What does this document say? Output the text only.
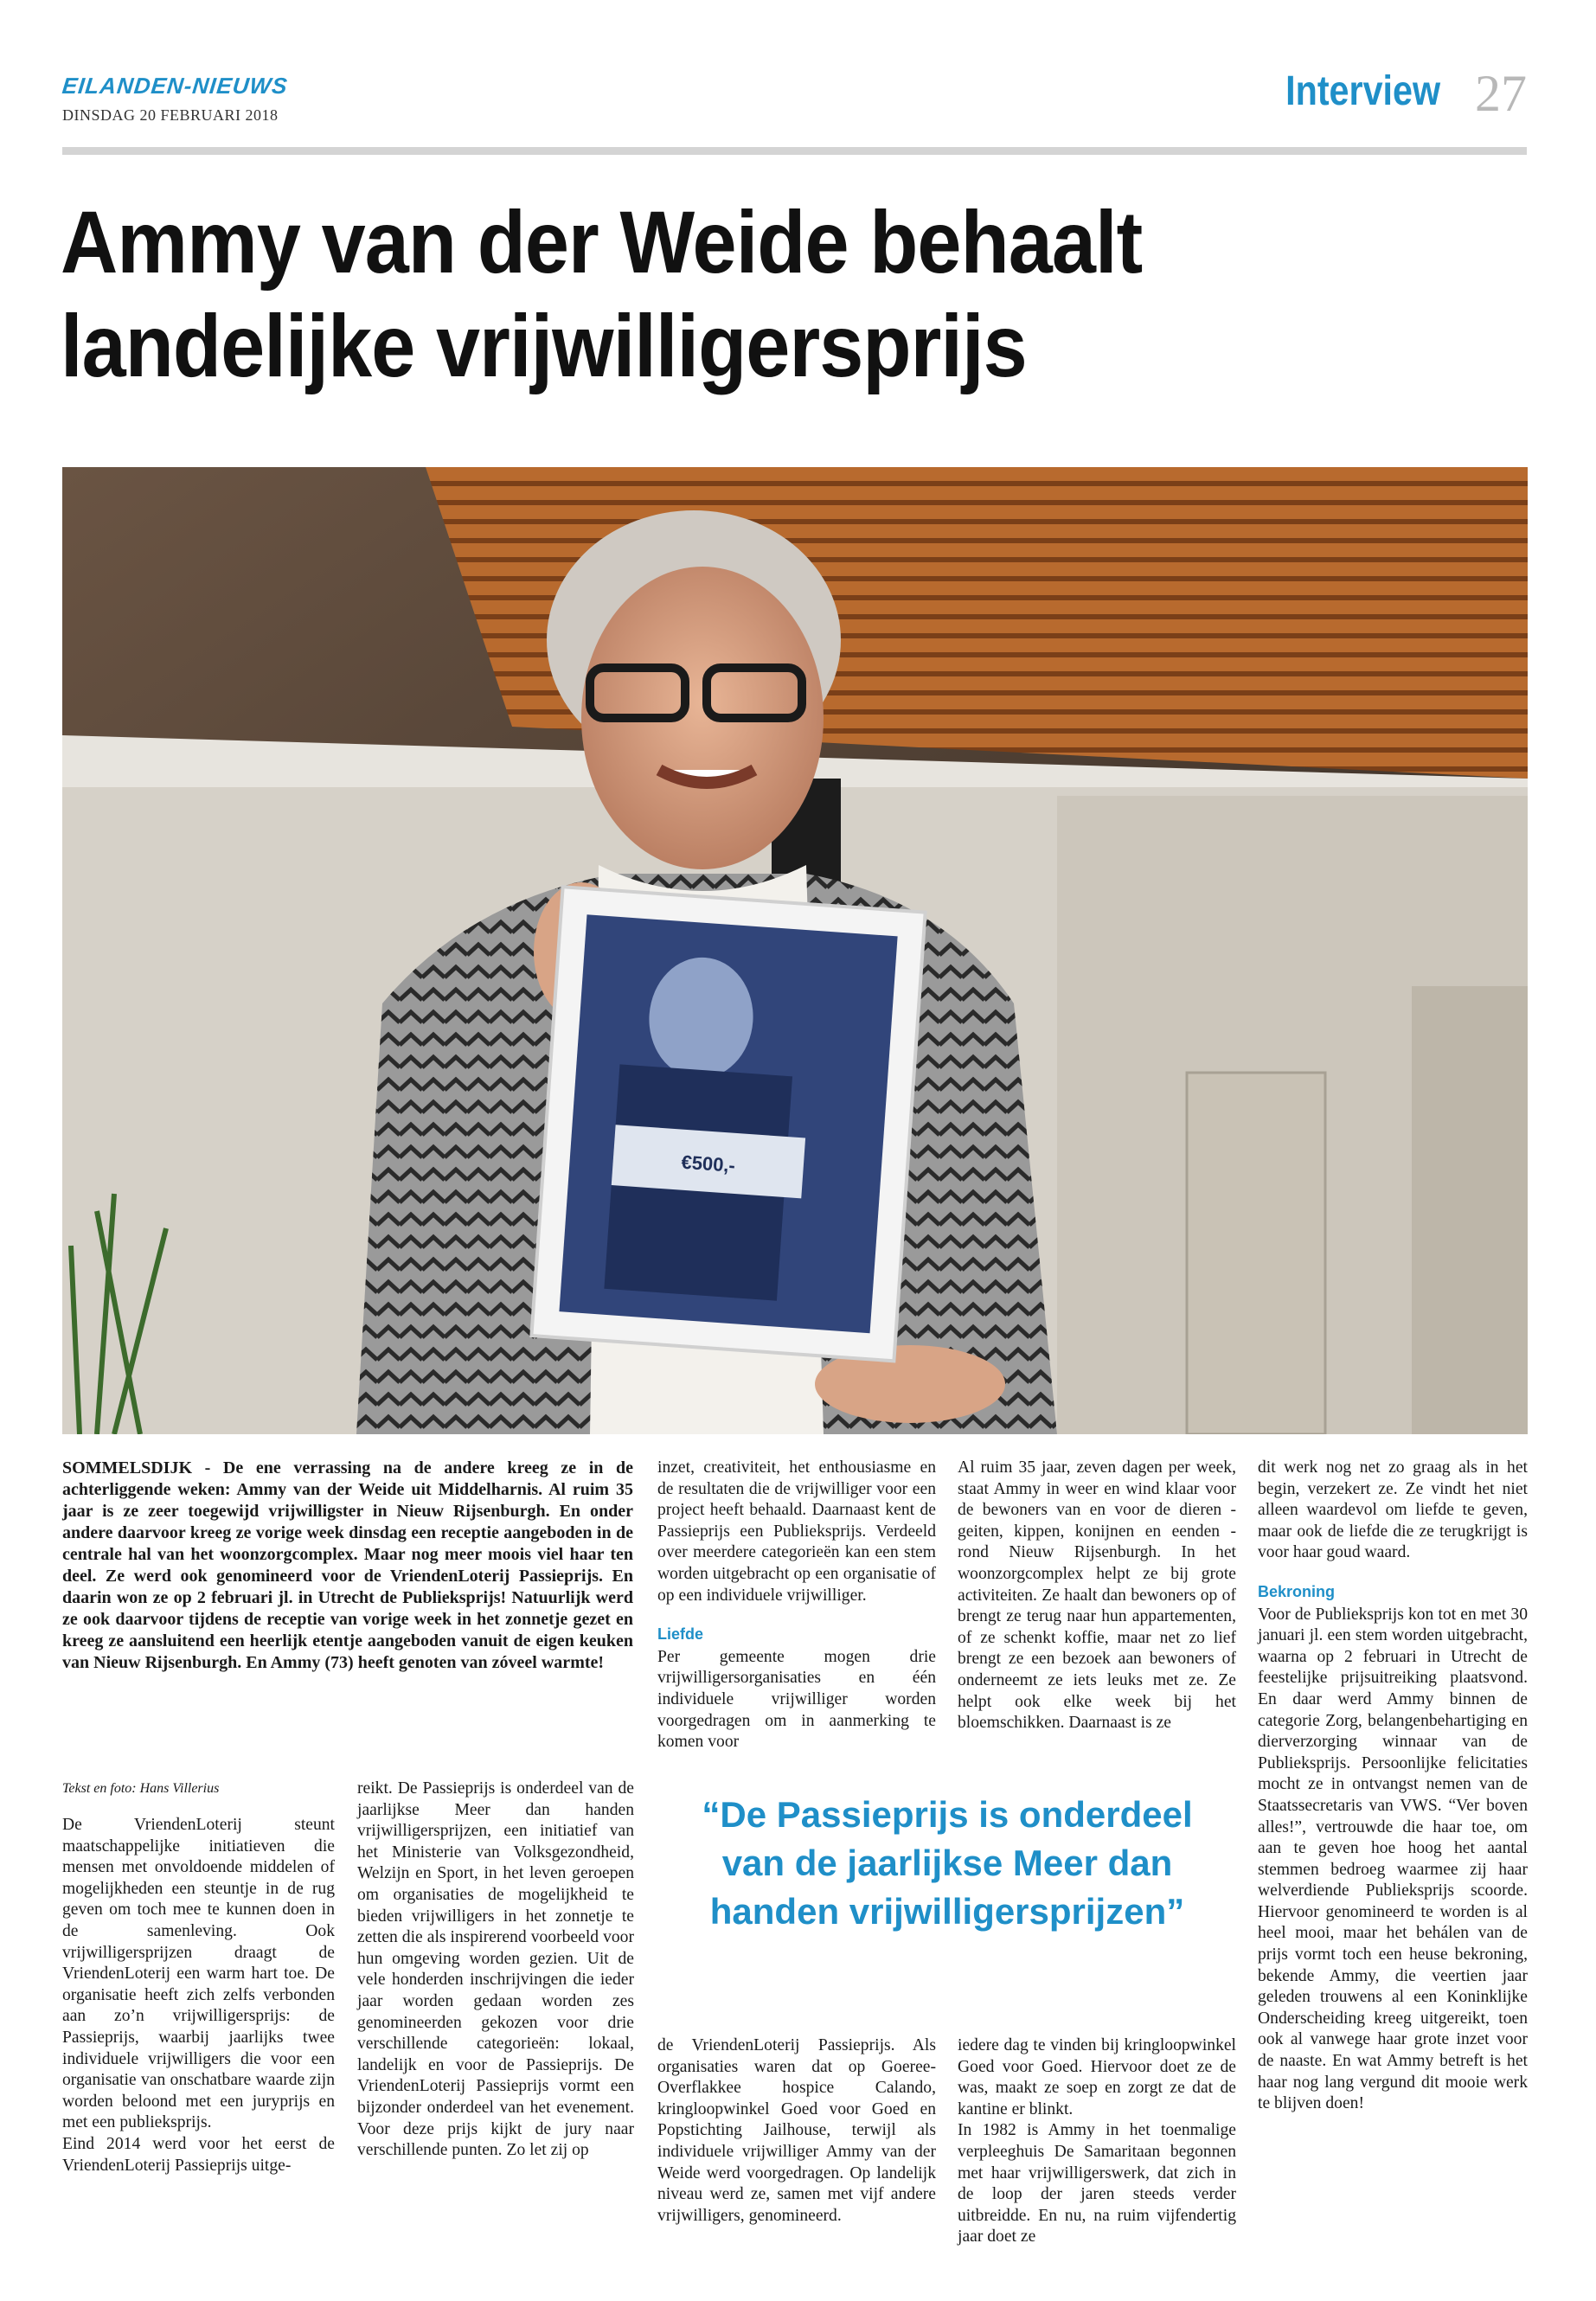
EILANDEN-NIEUWS
DINSDAG 20 FEBRUARI 2018
Interview 27
Ammy van der Weide behaalt
landelijke vrijwilligersprijs
€500,-

SOMMELSDIJK - De ene verrassing na de andere kreeg ze in de achterliggende weken: Ammy van der Weide uit Middelharnis. Al ruim 35 jaar is ze zeer toegewijd vrijwilligster in Nieuw Rijsenburgh. En onder andere daarvoor kreeg ze vorige week dinsdag een receptie aangeboden in de centrale hal van het woonzorgcomplex. Maar nog meer moois viel haar ten deel. Ze werd ook genomineerd voor de VriendenLoterij Passieprijs. En daarin won ze op 2 februari jl. in Utrecht de Publieksprijs! Natuurlijk werd ze ook daarvoor tijdens de receptie van vorige week in het zonnetje gezet en kreeg ze aansluitend een heerlijk etentje aangeboden vanuit de eigen keuken van Nieuw Rijsenburgh. En Ammy (73) heeft genoten van zóveel warmte!

Tekst en foto: Hans Villerius

De VriendenLoterij steunt maatschappelijke initiatieven die mensen met onvoldoende middelen of mogelijkheden een steuntje in de rug geven om toch mee te kunnen doen in de samenleving. Ook vrijwilligersprijzen draagt de VriendenLoterij een warm hart toe. De organisatie heeft zich zelfs verbonden aan zo’n vrijwilligersprijs: de Passieprijs, waarbij jaarlijks twee individuele vrijwilligers die voor een organisatie van onschatbare waarde zijn worden beloond met een juryprijs en met een publieksprijs.

Eind 2014 werd voor het eerst de VriendenLoterij Passieprijs uitge-

reikt. De Passieprijs is onderdeel van de jaarlijkse Meer dan handen vrijwilligersprijzen, een initiatief van het Ministerie van Volksgezondheid, Welzijn en Sport, in het leven geroepen om organisaties de mogelijkheid te bieden vrijwilligers in het zonnetje te zetten die als inspirerend voorbeeld voor hun omgeving worden gezien. Uit de vele honderden inschrijvingen die ieder jaar worden gedaan worden zes genomineerden gekozen voor drie verschillende categorieën: lokaal, landelijk en voor de Passieprijs. De VriendenLoterij Passieprijs vormt een bijzonder onderdeel van het evenement. Voor deze prijs kijkt de jury naar verschillende punten. Zo let zij op

inzet, creativiteit, het enthousiasme en de resultaten die de vrijwilliger voor een project heeft behaald. Daarnaast kent de Passieprijs een Publieksprijs. Verdeeld over meerdere categorieën kan een stem worden uitgebracht op een organisatie of op een individuele vrijwilliger.

Liefde

Per gemeente mogen drie vrijwilligersorganisaties en één individuele vrijwilliger worden voorgedragen om in aanmerking te komen voor

Al ruim 35 jaar, zeven dagen per week, staat Ammy in weer en wind klaar voor de bewoners van en voor de dieren - geiten, kippen, konijnen en eenden - rond Nieuw Rijsenburgh. In het woonzorgcomplex helpt ze bij grote activiteiten. Ze haalt dan bewoners op of brengt ze terug naar hun appartementen, of ze schenkt koffie, maar net zo lief brengt ze een bezoek aan bewoners of onderneemt ze iets leuks met ze. Ze helpt ook elke week bij het bloemschikken. Daarnaast is ze

dit werk nog net zo graag als in het begin, verzekert ze. Ze vindt het niet alleen waardevol om liefde te geven, maar ook de liefde die ze terugkrijgt is voor haar goud waard.

Bekroning

Voor de Publieksprijs kon tot en met 30 januari jl. een stem worden uitgebracht, waarna op 2 februari in Utrecht de feestelijke prijsuitreiking plaatsvond. En daar werd Ammy binnen de categorie Zorg, belangenbehartiging en dierverzorging winnaar van de Publieksprijs. Persoonlijke felicitaties mocht ze in ontvangst nemen van de Staatssecretaris van VWS. “Ver boven alles!”, vertrouwde die haar toe, om aan te geven hoe hoog het aantal stemmen bedroeg waarmee zij haar welverdiende Publieksprijs scoorde. Hiervoor genomineerd te worden is al heel mooi, maar het behálen van de prijs vormt toch een heuse bekroning, bekende Ammy, die veertien jaar geleden trouwens al een Koninklijke Onderscheiding kreeg uitgereikt, toen ook al vanwege haar grote inzet voor de naaste. En wat Ammy betreft is het haar nog lang vergund dit mooie werk te blijven doen!

“De Passieprijs is onderdeel van de jaarlijkse Meer dan handen vrijwilligersprijzen”

de VriendenLoterij Passieprijs. Als organisaties waren dat op Goeree-Overflakkee hospice Calando, kringloopwinkel Goed voor Goed en Popstichting Jailhouse, terwijl als individuele vrijwilliger Ammy van der Weide werd voorgedragen. Op landelijk niveau werd ze, samen met vijf andere vrijwilligers, genomineerd.

iedere dag te vinden bij kringloopwinkel Goed voor Goed. Hiervoor doet ze de was, maakt ze soep en zorgt ze dat de kantine er blinkt.

In 1982 is Ammy in het toenmalige verpleeghuis De Samaritaan begonnen met haar vrijwilligerswerk, dat zich in de loop der jaren steeds verder uitbreidde. En nu, na ruim vijfendertig jaar doet ze
